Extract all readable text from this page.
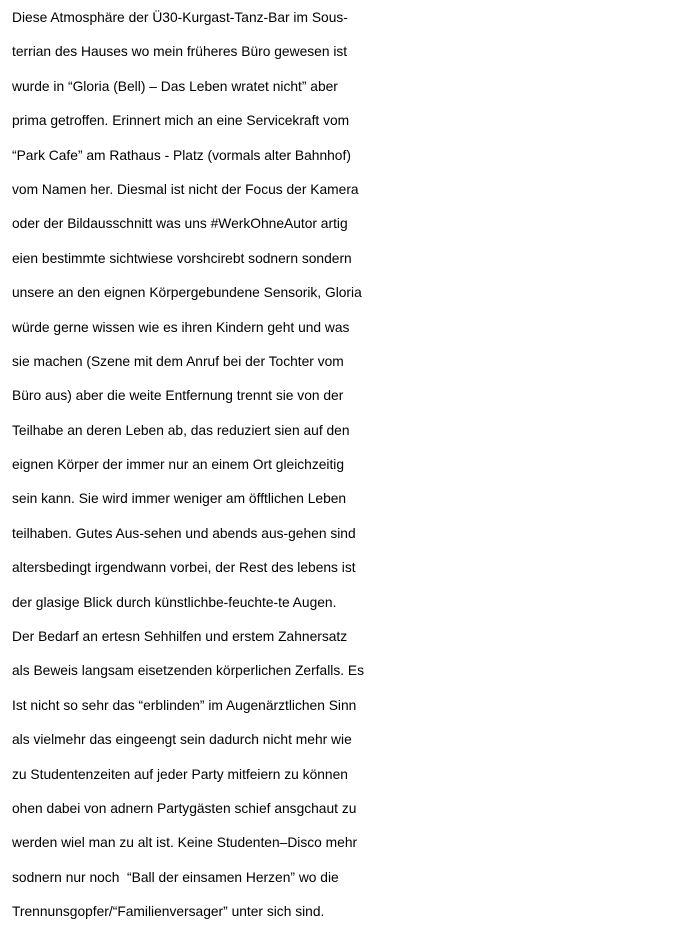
Diese Atmosphäre der Ü30-Kurgast-Tanz-Bar im Sous-
terrian des Hauses wo mein früheres Büro gewesen ist
wurde in “Gloria (Bell) – Das Leben wratet nicht” aber
prima getroffen. Erinnert mich an eine Servicekraft vom
“Park Cafe” am Rathaus - Platz (vormals alter Bahnhof)
vom Namen her. Diesmal ist nicht der Focus der Kamera
oder der Bildausschnitt was uns #WerkOhneAutor artig
eien bestimmte sichtwiese vorshcirebt sodnern sondern
unsere an den eignen Körpergebundene Sensorik, Gloria
würde gerne wissen wie es ihren Kindern geht und was
sie machen (Szene mit dem Anruf bei der Tochter vom
Büro aus) aber die weite Entfernung trennt sie von der
Teilhabe an deren Leben ab, das reduziert sien auf den
eignen Körper der immer nur an einem Ort gleichzeitig
sein kann. Sie wird immer weniger am öfftlichen Leben
teilhaben. Gutes Aus-sehen und abends aus-gehen sind
altersbedingt irgendwann vorbei, der Rest des lebens ist
der glasige Blick durch künstlichbe-feuchte-te Augen.
Der Bedarf an ertesn Sehhilfen und erstem Zahnersatz
als Beweis langsam eisetzenden körperlichen Zerfalls. Es
Ist nicht so sehr das “erblinden” im Augenärztlichen Sinn
als vielmehr das eingeengt sein dadurch nicht mehr wie
zu Studentenzeiten auf jeder Party mitfeiern zu können
ohen dabei von adnern Partygästen schief ansgchaut zu
werden wiel man zu alt ist. Keine Studenten–Disco mehr
sodnern nur noch  “Ball der einsamen Herzen” wo die
Trennunsgopfer/“Familienversager” unter sich sind.
